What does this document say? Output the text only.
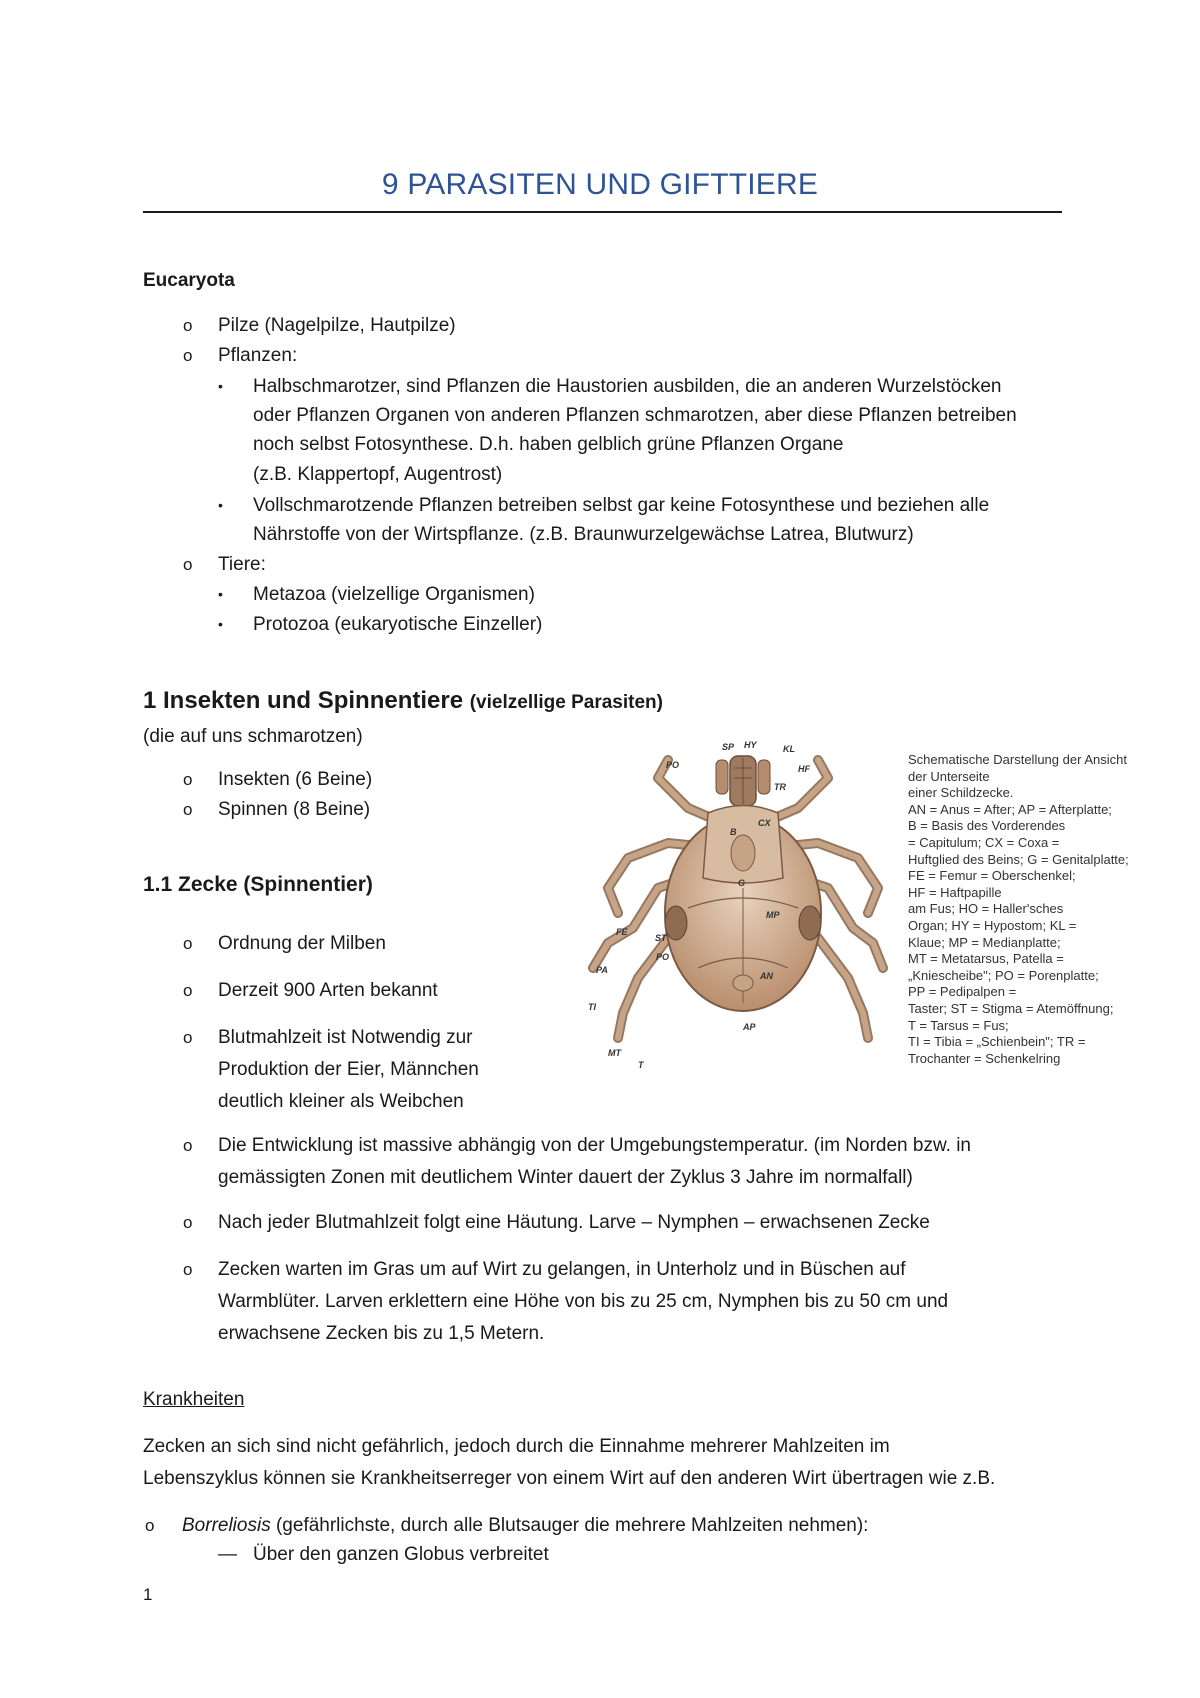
9 PARASITEN UND GIFTTIERE
Eucaryota
o Pilze (Nagelpilze, Hautpilze)
o Pflanzen:
• Halbschmarotzer, sind Pflanzen die Haustorien ausbilden, die an anderen Wurzelstöcken
oder Pflanzen Organen von anderen Pflanzen schmarotzen, aber diese Pflanzen betreiben
noch selbst Fotosynthese. D.h. haben gelblich grüne Pflanzen Organe
(z.B. Klappertopf, Augentrost)
• Vollschmarotzende Pflanzen betreiben selbst gar keine Fotosynthese und beziehen alle
Nährstoffe von der Wirtspflanze. (z.B. Braunwurzelgewächse Latrea, Blutwurz)
o Tiere:
• Metazoa (vielzellige Organismen)
• Protozoa (eukaryotische Einzeller)
1 Insekten und Spinnentiere (vielzellige Parasiten)
(die auf uns schmarotzen)
o Insekten (6 Beine)
o Spinnen (8 Beine)
1.1 Zecke (Spinnentier)
o Ordnung der Milben
o Derzeit 900 Arten bekannt
o Blutmahlzeit ist Notwendig zur
Produktion der Eier, Männchen
deutlich kleiner als Weibchen
o Die Entwicklung ist massive abhängig von der Umgebungstemperatur. (im Norden bzw. in
gemässigten Zonen mit deutlichem Winter dauert der Zyklus 3 Jahre im normalfall)
o Nach jeder Blutmahlzeit folgt eine Häutung. Larve – Nymphen – erwachsenen Zecke
o Zecken warten im Gras um auf Wirt zu gelangen, in Unterholz und in Büschen auf
Warmblüter. Larven erklettern eine Höhe von bis zu 25 cm, Nymphen bis zu 50 cm und
erwachsene Zecken bis zu 1,5 Metern.
SP HY	KL
PO	HF
TR
CX
B
G
MP
FE
ST
PO
PA
AN
TI
AP
MT
T
Schematische Darstellung der Ansicht
der Unterseite
einer Schildzecke.
AN = Anus = After; AP = Afterplatte;
B = Basis des Vorderendes
= Capitulum; CX = Coxa =
Huftglied des Beins; G = Genitalplatte;
FE = Femur = Oberschenkel;
HF = Haftpapille
am Fus; HO = Haller'sches
Organ; HY = Hypostom; KL =
Klaue; MP = Medianplatte;
MT = Metatarsus, Patella =
„Kniescheibe"; PO = Porenplatte;
PP = Pedipalpen =
Taster; ST = Stigma = Atemöffnung;
T = Tarsus = Fus;
TI = Tibia = „Schienbein"; TR =
Trochanter = Schenkelring
Krankheiten
Zecken an sich sind nicht gefährlich, jedoch durch die Einnahme mehrerer Mahlzeiten im
Lebenszyklus können sie Krankheitserreger von einem Wirt auf den anderen Wirt übertragen wie z.B.
o Borreliosis (gefährlichste, durch alle Blutsauger die mehrere Mahlzeiten nehmen):
— Über den ganzen Globus verbreitet
1
